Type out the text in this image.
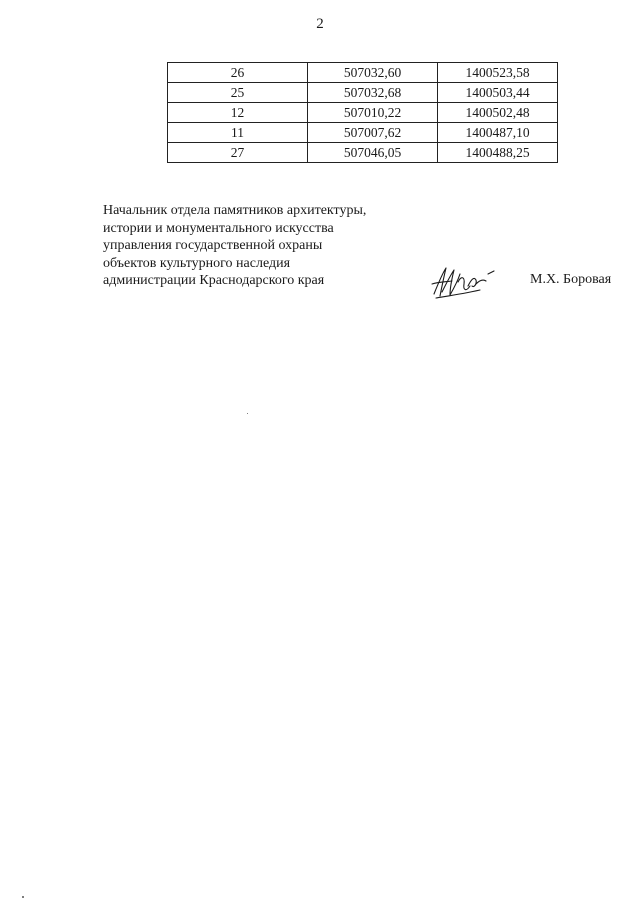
2
26	507032,60	1400523,58
25	507032,68	1400503,44
12	507010,22	1400502,48
11	507007,62	1400487,10
27	507046,05	1400488,25
Начальник отдела памятников архитектуры,
истории и монументального искусства
управления государственной охраны
объектов культурного наследия
администрации Краснодарского края	М.Х. Боровая
